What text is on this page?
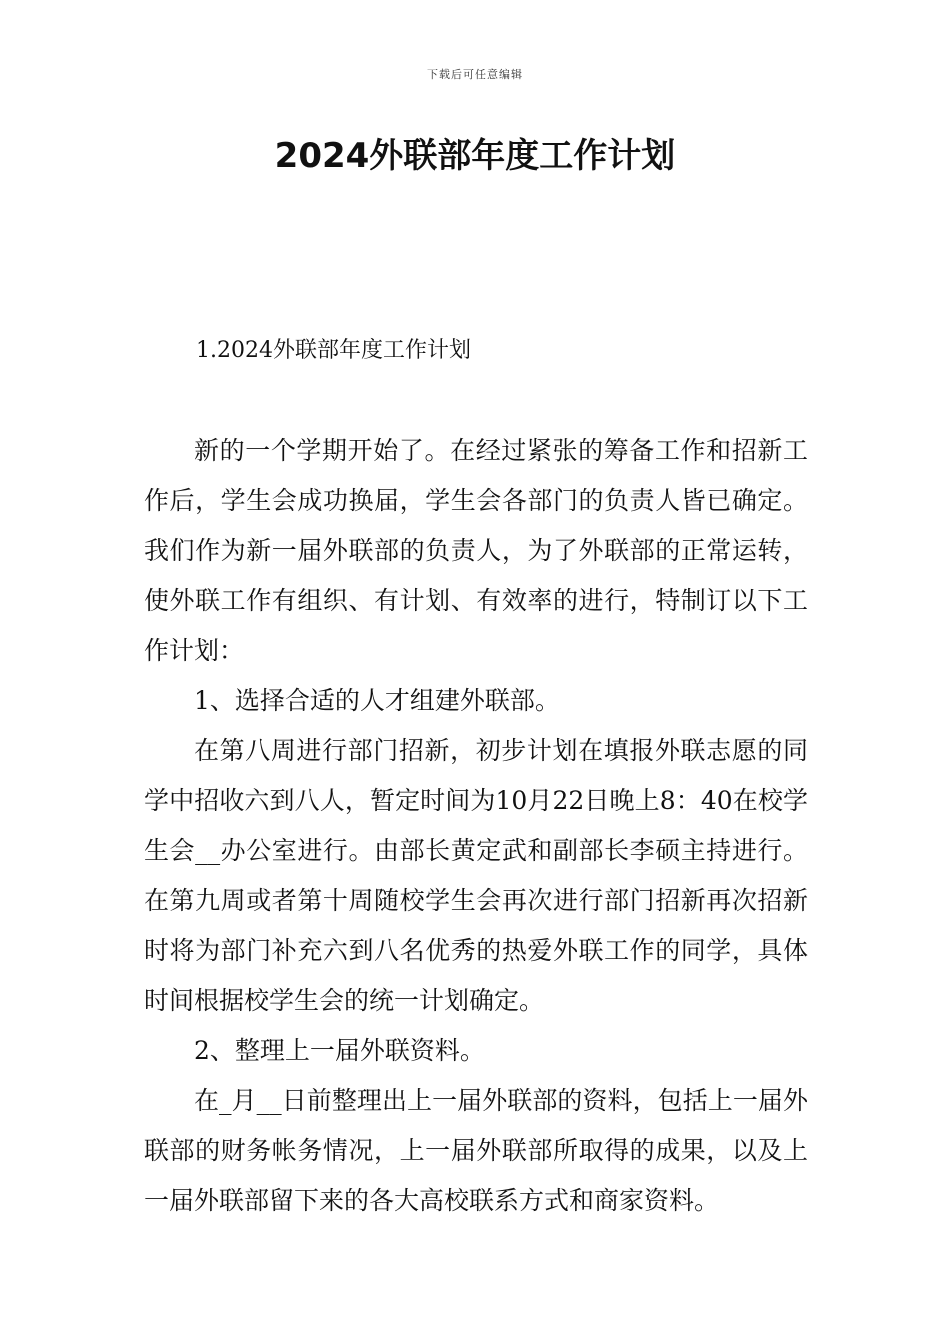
下载后可任意编辑
2024外联部年度工作计划
1.2024外联部年度工作计划

新的一个学期开始了。在经过紧张的筹备工作和招新工作后，学生会成功换届，学生会各部门的负责人皆已确定。我们作为新一届外联部的负责人，为了外联部的正常运转，使外联工作有组织、有计划、有效率的进行，特制订以下工作计划：

1、选择合适的人才组建外联部。

在第八周进行部门招新，初步计划在填报外联志愿的同学中招收六到八人，暂定时间为10月22日晚上8：40在校学生会__办公室进行。由部长黄定武和副部长李硕主持进行。在第九周或者第十周随校学生会再次进行部门招新再次招新时将为部门补充六到八名优秀的热爱外联工作的同学，具体时间根据校学生会的统一计划确定。

2、整理上一届外联资料。

在_月__日前整理出上一届外联部的资料，包括上一届外联部的财务帐务情况，上一届外联部所取得的成果，以及上一届外联部留下来的各大高校联系方式和商家资料。
